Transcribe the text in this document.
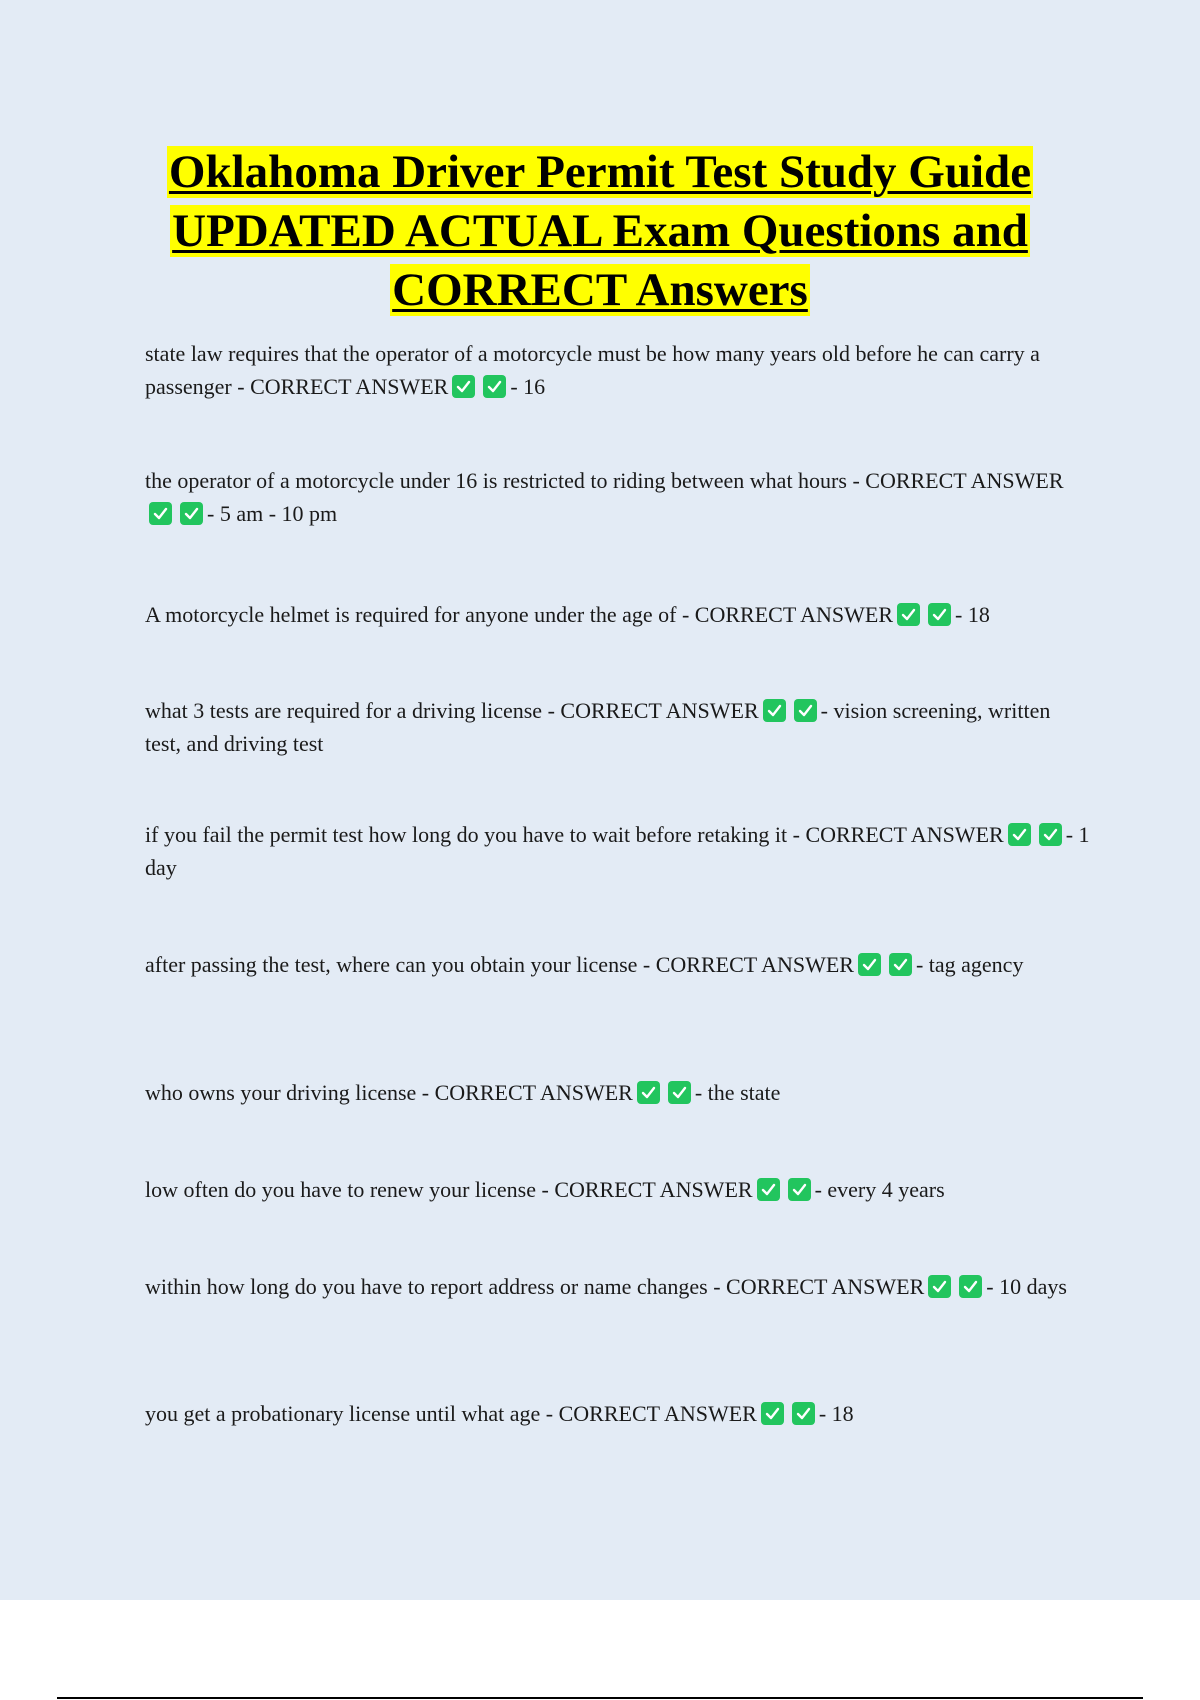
Oklahoma Driver Permit Test Study Guide
UPDATED ACTUAL Exam Questions and
CORRECT Answers

state law requires that the operator of a motorcycle must be how many years old before he can carry a passenger - CORRECT ANSWER	- 16

the operator of a motorcycle under 16 is restricted to riding between what hours - CORRECT ANSWER
- 5 am - 10 pm

A motorcycle helmet is required for anyone under the age of - CORRECT ANSWER	- 18

what 3 tests are required for a driving license - CORRECT ANSWER	- vision screening, written test, and driving test

if you fail the permit test how long do you have to wait before retaking it - CORRECT ANSWER	- 1 day

after passing the test, where can you obtain your license - CORRECT ANSWER	- tag agency

who owns your driving license - CORRECT ANSWER	- the state

low often do you have to renew your license - CORRECT ANSWER	- every 4 years

within how long do you have to report address or name changes - CORRECT ANSWER	- 10 days

you get a probationary license until what age - CORRECT ANSWER	- 18
